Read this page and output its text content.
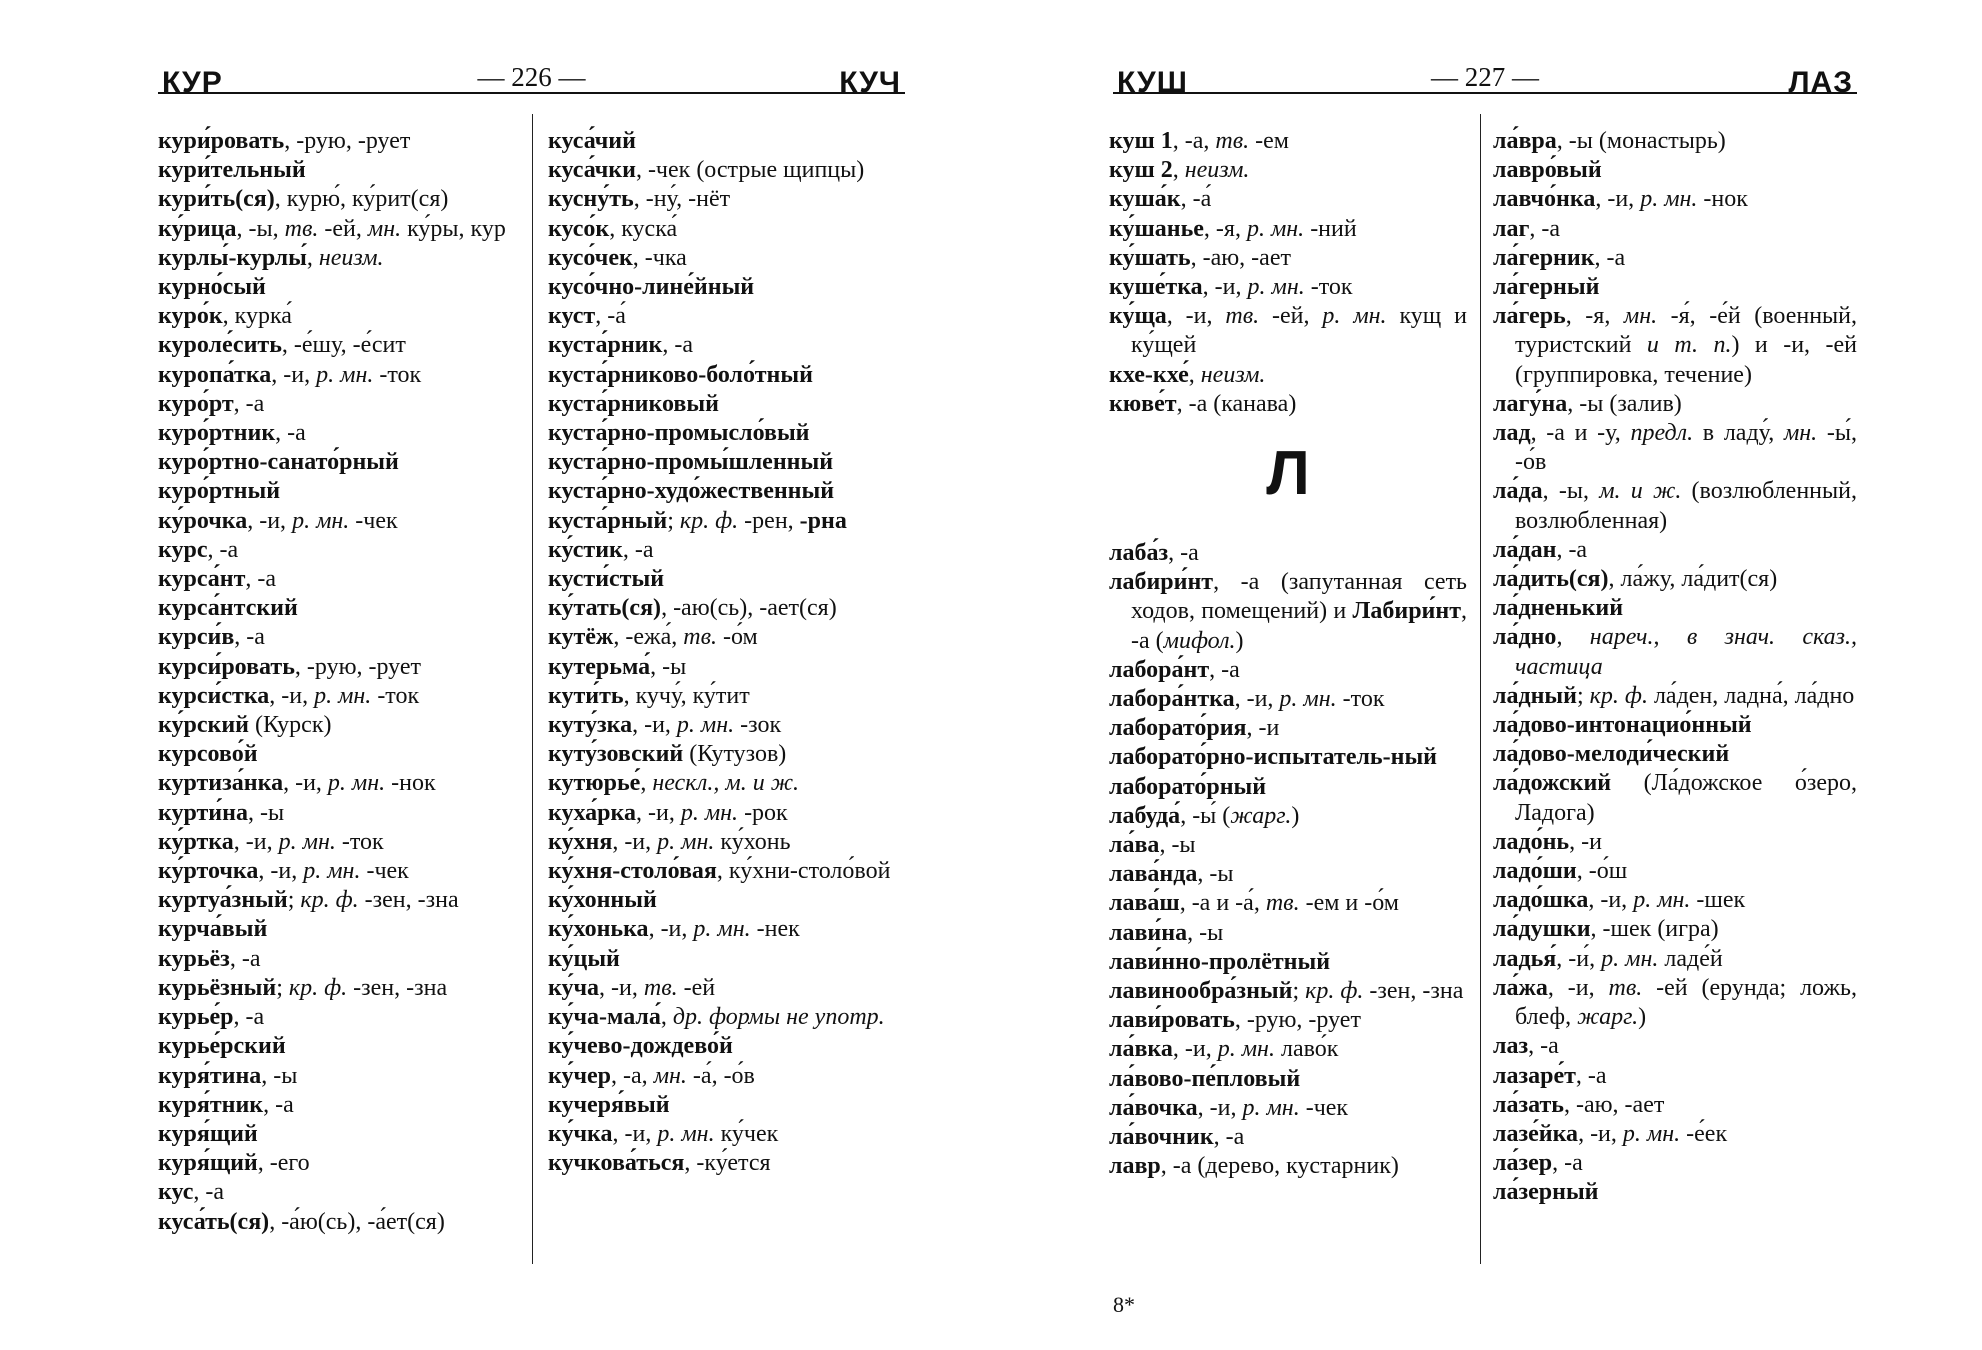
КУР	— 226 —	КУЧ
кури́ровать, -рую, -рует
кури́тельный
кури́ть(ся), курю́, ку́рит(ся)
ку́рица, -ы, тв. -ей, мн. ку́ры, кур
курлы́-курлы́, неизм.
курно́сый
куро́к, курка́
куроле́сить, -е́шу, -е́сит
куропа́тка, -и, р. мн. -ток
куро́рт, -а
куро́ртник, -а
куро́ртно-санато́рный
куро́ртный
ку́рочка, -и, р. мн. -чек
курс, -а
курса́нт, -а
курса́нтский
курси́в, -а
курси́ровать, -рую, -рует
курси́стка, -и, р. мн. -ток
ку́рский (Курск)
курсово́й
куртиза́нка, -и, р. мн. -нок
курти́на, -ы
ку́ртка, -и, р. мн. -ток
ку́рточка, -и, р. мн. -чек
куртуа́зный; кр. ф. -зен, -зна
курча́вый
курьёз, -а
курьёзный; кр. ф. -зен, -зна
курье́р, -а
курье́рский
куря́тина, -ы
куря́тник, -а
куря́щий
куря́щий, -его
кус, -а
куса́ть(ся), -а́ю(сь), -а́ет(ся)
куса́чий
куса́чки, -чек (острые щипцы)
кусну́ть, -ну́, -нёт
кусо́к, куска́
кусо́чек, -чка
кусо́чно-лине́йный
куст, -а́
куста́рник, -а
куста́рниково-боло́тный
куста́рниковый
куста́рно-промысло́вый
куста́рно-промы́шленный
куста́рно-худо́жественный
куста́рный; кр. ф. -рен, -рна
ку́стик, -а
кусти́стый
ку́тать(ся), -аю(сь), -ает(ся)
кутёж, -ежа́, тв. -о́м
кутерьма́, -ы
кути́ть, кучу́, ку́тит
куту́зка, -и, р. мн. -зок
куту́зовский (Кутузов)
кутюрье́, нескл., м. и ж.
куха́рка, -и, р. мн. -рок
ку́хня, -и, р. мн. ку́хонь
ку́хня-столо́вая, ку́хни-столо́вой
ку́хонный
ку́хонька, -и, р. мн. -нек
ку́цый
ку́ча, -и, тв. -ей
ку́ча-мала́, др. формы не употр.
ку́чево-дождево́й
ку́чер, -а, мн. -а́, -о́в
кучеря́вый
ку́чка, -и, р. мн. ку́чек
кучкова́ться, -ку́ется
КУШ	— 227 —	ЛАЗ
куш 1, -а, тв. -ем
куш 2, неизм.
куша́к, -а́
ку́шанье, -я, р. мн. -ний
ку́шать, -аю, -ает
куше́тка, -и, р. мн. -ток
ку́ща, -и, тв. -ей, р. мн. кущ и ку́щей
кхе-кхе́, неизм.
кюве́т, -а (канава)
Л
лаба́з, -а
лабири́нт, -а (запутанная сеть ходов, помещений) и Лабири́нт, -а (мифол.)
лабора́нт, -а
лабора́нтка, -и, р. мн. -ток
лаборато́рия, -и
лаборато́рно-испытатель-ный
лаборато́рный
лабуда́, -ы́ (жарг.)
ла́ва, -ы
лава́нда, -ы
лава́ш, -а и -а́, тв. -ем и -о́м
лави́на, -ы
лави́нно-пролётный
лавинообра́зный; кр. ф. -зен, -зна
лави́ровать, -рую, -рует
ла́вка, -и, р. мн. лаво́к
ла́вово-пе́пловый
ла́вочка, -и, р. мн. -чек
ла́вочник, -а
лавр, -а (дерево, кустарник)
ла́вра, -ы (монастырь)
лавро́вый
лавчо́нка, -и, р. мн. -нок
лаг, -а
ла́герник, -а
ла́герный
ла́герь, -я, мн. -я́, -е́й (военный, туристский и т. п.) и -и, -ей (группировка, течение)
лагу́на, -ы (залив)
лад, -а и -у, предл. в ладу́, мн. -ы́, -о́в
ла́да, -ы, м. и ж. (возлюбленный, возлюбленная)
ла́дан, -а
ла́дить(ся), ла́жу, ла́дит(ся)
ла́дненький
ла́дно, нареч., в знач. сказ., частица
ла́дный; кр. ф. ла́ден, ладна́, ла́дно
ла́дово-интонацио́нный
ла́дово-мелоди́ческий
ла́дожский (Ла́дожское о́зеро, Ладога)
ладо́нь, -и
ладо́ши, -о́ш
ладо́шка, -и, р. мн. -шек
ла́душки, -шек (игра)
ладья́, -и́, р. мн. ладе́й
ла́жа, -и, тв. -ей (ерунда; ложь, блеф, жарг.)
лаз, -а
лазаре́т, -а
ла́зать, -аю, -ает
лазе́йка, -и, р. мн. -е́ек
ла́зер, -а
ла́зерный
8*
